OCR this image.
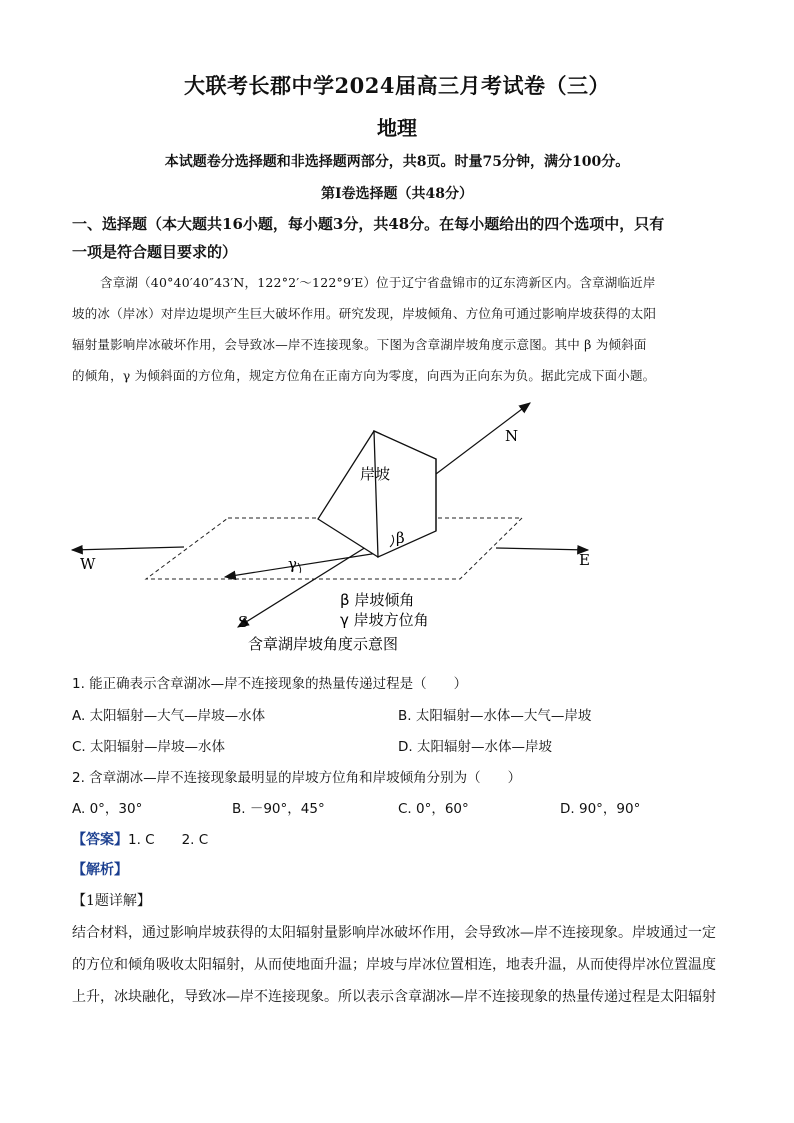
大联考长郡中学2024届高三月考试卷（三）
地理
本试题卷分选择题和非选择题两部分，共8页。时量75分钟，满分100分。
第Ⅰ卷选择题（共48分）
一、选择题（本大题共16小题，每小题3分，共48分。在每小题给出的四个选项中，只有
一项是符合题目要求的）
含章湖（40°40′40″43′N，122°2′～122°9′E）位于辽宁省盘锦市的辽东湾新区内。含章湖临近岸
坡的冰（岸冰）对岸边堤坝产生巨大破坏作用。研究发现，岸坡倾角、方位角可通过影响岸坡获得的太阳
辐射量影响岸冰破坏作用，会导致冰—岸不连接现象。下图为含章湖岸坡角度示意图。其中 β 为倾斜面
的倾角，γ 为倾斜面的方位角，规定方位角在正南方向为零度，向西为正向东为负。据此完成下面小题。
岸坡
N
W	E
S
β
γ
β 岸坡倾角
γ 岸坡方位角
含章湖岸坡角度示意图
1. 能正确表示含章湖冰—岸不连接现象的热量传递过程是（　　）
A. 太阳辐射—大气—岸坡—水体	B. 太阳辐射—水体—大气—岸坡
C. 太阳辐射—岸坡—水体	D. 太阳辐射—水体—岸坡
2. 含章湖冰—岸不连接现象最明显的岸坡方位角和岸坡倾角分别为（　　）
A. 0°，30°	B. －90°，45°	C. 0°，60°	D. 90°，90°
【答案】1. C　　2. C
【解析】
【1题详解】
结合材料，通过影响岸坡获得的太阳辐射量影响岸冰破坏作用，会导致冰—岸不连接现象。岸坡通过一定
的方位和倾角吸收太阳辐射，从而使地面升温；岸坡与岸冰位置相连，地表升温，从而使得岸冰位置温度
上升，冰块融化，导致冰—岸不连接现象。所以表示含章湖冰—岸不连接现象的热量传递过程是太阳辐射
